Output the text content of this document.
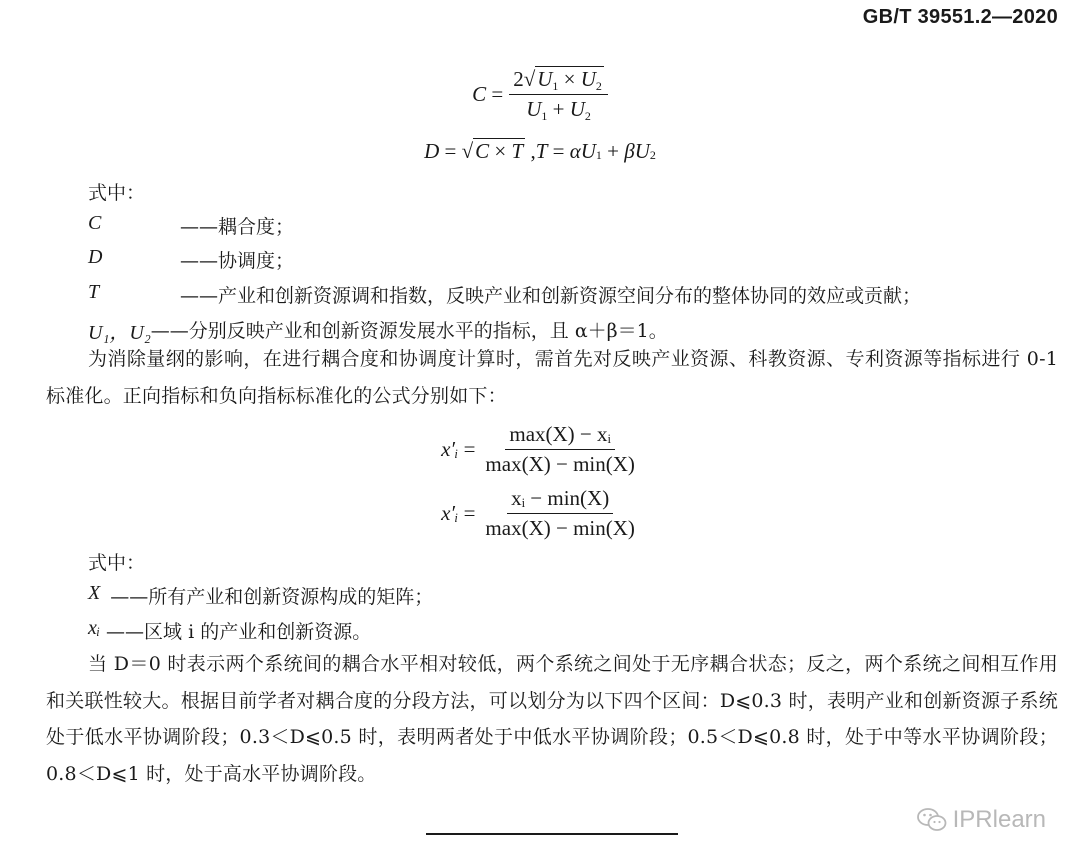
GB/T 39551.2—2020
$C = \frac{2√U1 \times U2}{U1 + U2}$
D = √C × T , T = αU 1 + βU 2
式中：
C	——耦合度；
D	——协调度；
T	——产业和创新资源调和指数，反映产业和创新资源空间分布的整体协同的效应或贡献；
U₁，U₂ ——分别反映产业和创新资源发展水平的指标，且 α＋β＝1。
为消除量纲的影响，在进行耦合度和协调度计算时，需首先对反映产业资源、科教资源、专利资源等指标进行 0-1 标准化。正向指标和负向指标标准化的公式分别如下：
x′ᵢ = $\frac{\text{max(X) − xᵢ}}{\max(X) - \min(X)}$
x′ᵢ = $\frac{\text{xᵢ − min(X)}}{\max(X) - \min(X)}$
式中：
X ——所有产业和创新资源构成的矩阵；
xᵢ ——区域 i 的产业和创新资源。
当 D＝0 时表示两个系统间的耦合水平相对较低，两个系统之间处于无序耦合状态；反之，两个系统之间相互作用和关联性较大。根据目前学者对耦合度的分段方法，可以划分为以下四个区间：D⩽0.3 时，表明产业和创新资源子系统处于低水平协调阶段；0.3＜D⩽0.5 时，表明两者处于中低水平协调阶段；0.5＜D⩽0.8 时，处于中等水平协调阶段；0.8＜D⩽1 时，处于高水平协调阶段。
IPRlearn
